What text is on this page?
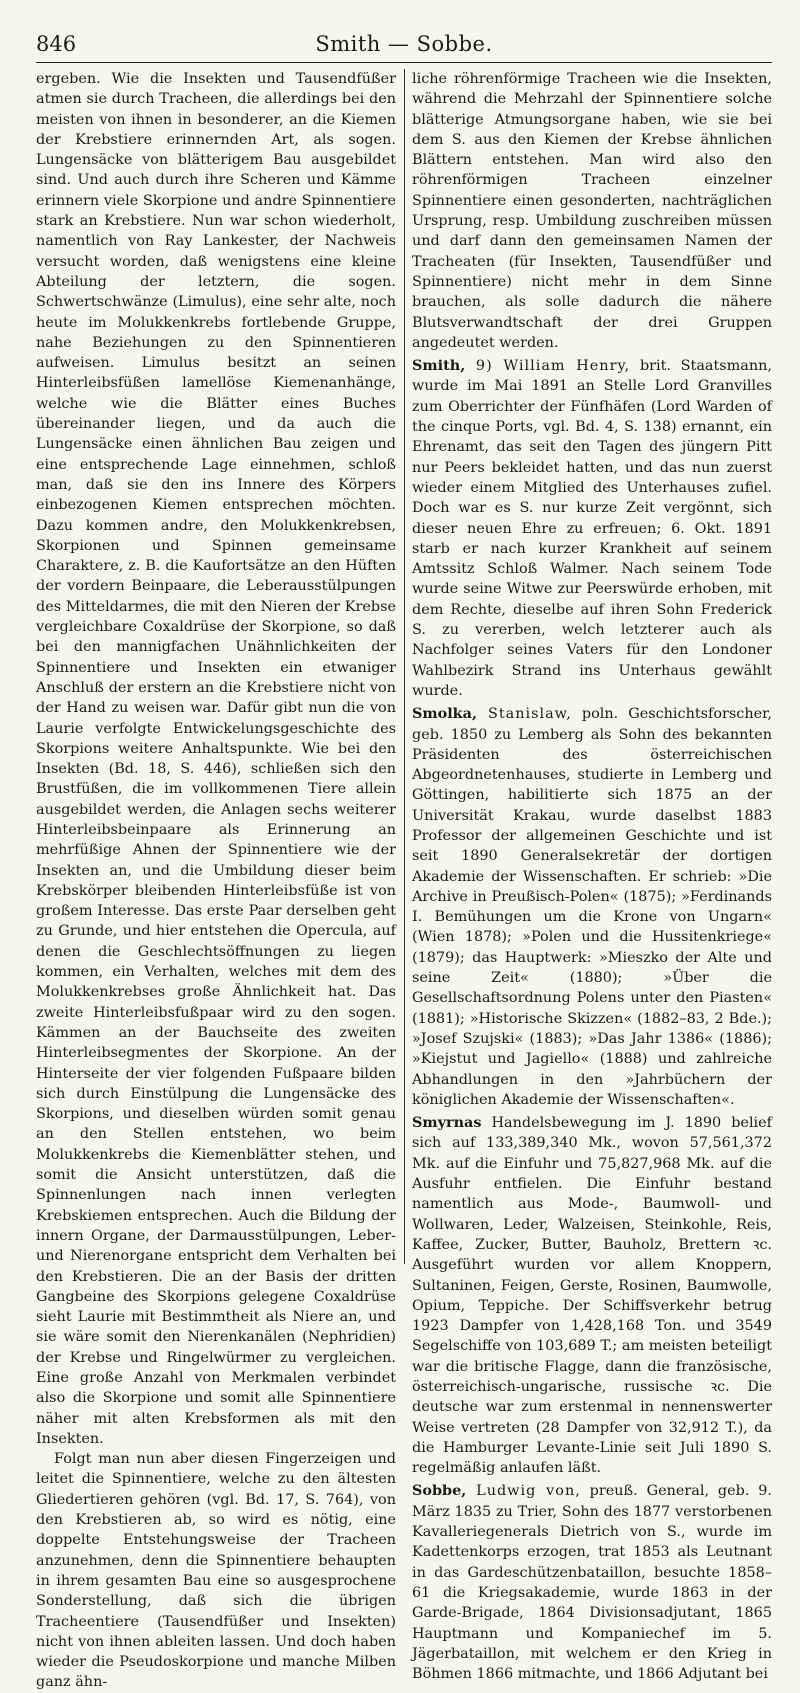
846	Smith — Sobbe.

ergeben. Wie die Insekten und Tausendfüßer atmen sie durch Tracheen, die allerdings bei den meisten von ihnen in besonderer, an die Kiemen der Krebstiere erinnernden Art, als sogen. Lungensäcke von blätterigem Bau ausgebildet sind. Und auch durch ihre Scheren und Kämme erinnern viele Skorpione und andre Spinnentiere stark an Krebstiere. Nun war schon wiederholt, namentlich von Ray Lankester, der Nachweis versucht worden, daß wenigstens eine kleine Abteilung der letztern, die sogen. Schwertschwänze (Limulus), eine sehr alte, noch heute im Molukkenkrebs fortlebende Gruppe, nahe Beziehungen zu den Spinnentieren aufweisen. Limulus besitzt an seinen Hinterleibsfüßen lamellöse Kiemenanhänge, welche wie die Blätter eines Buches übereinander liegen, und da auch die Lungensäcke einen ähnlichen Bau zeigen und eine entsprechende Lage einnehmen, schloß man, daß sie den ins Innere des Körpers einbezogenen Kiemen entsprechen möchten. Dazu kommen andre, den Molukkenkrebsen, Skorpionen und Spinnen gemeinsame Charaktere, z. B. die Kaufortsätze an den Hüften der vordern Beinpaare, die Leberausstülpungen des Mitteldarmes, die mit den Nieren der Krebse vergleichbare Coxaldrüse der Skorpione, so daß bei den mannigfachen Unähnlichkeiten der Spinnentiere und Insekten ein etwaniger Anschluß der erstern an die Krebstiere nicht von der Hand zu weisen war. Dafür gibt nun die von Laurie verfolgte Entwickelungsgeschichte des Skorpions weitere Anhaltspunkte. Wie bei den Insekten (Bd. 18, S. 446), schließen sich den Brustfüßen, die im vollkommenen Tiere allein ausgebildet werden, die Anlagen sechs weiterer Hinterleibsbeinpaare als Erinnerung an mehrfüßige Ahnen der Spinnentiere wie der Insekten an, und die Umbildung dieser beim Krebskörper bleibenden Hinterleibsfüße ist von großem Interesse. Das erste Paar derselben geht zu Grunde, und hier entstehen die Opercula, auf denen die Geschlechtsöffnungen zu liegen kommen, ein Verhalten, welches mit dem des Molukkenkrebses große Ähnlichkeit hat. Das zweite Hinterleibsfußpaar wird zu den sogen. Kämmen an der Bauchseite des zweiten Hinterleibsegmentes der Skorpione. An der Hinterseite der vier folgenden Fußpaare bilden sich durch Einstülpung die Lungensäcke des Skorpions, und dieselben würden somit genau an den Stellen entstehen, wo beim Molukkenkrebs die Kiemenblätter stehen, und somit die Ansicht unterstützen, daß die Spinnenlungen nach innen verlegten Krebskiemen entsprechen. Auch die Bildung der innern Organe, der Darmausstülpungen, Leber- und Nierenorgane entspricht dem Verhalten bei den Krebstieren. Die an der Basis der dritten Gangbeine des Skorpions gelegene Coxaldrüse sieht Laurie mit Bestimmtheit als Niere an, und sie wäre somit den Nierenkanälen (Nephridien) der Krebse und Ringelwürmer zu vergleichen. Eine große Anzahl von Merkmalen verbindet also die Skorpione und somit alle Spinnentiere näher mit alten Krebsformen als mit den Insekten.

Folgt man nun aber diesen Fingerzeigen und leitet die Spinnentiere, welche zu den ältesten Gliedertieren gehören (vgl. Bd. 17, S. 764), von den Krebstieren ab, so wird es nötig, eine doppelte Entstehungsweise der Tracheen anzunehmen, denn die Spinnentiere behaupten in ihrem gesamten Bau eine so ausgesprochene Sonderstellung, daß sich die übrigen Tracheentiere (Tausendfüßer und Insekten) nicht von ihnen ableiten lassen. Und doch haben wieder die Pseudoskorpione und manche Milben ganz ähn-

liche röhrenförmige Tracheen wie die Insekten, während die Mehrzahl der Spinnentiere solche blätterige Atmungsorgane haben, wie sie bei dem S. aus den Kiemen der Krebse ähnlichen Blättern entstehen. Man wird also den röhrenförmigen Tracheen einzelner Spinnentiere einen gesonderten, nachträglichen Ursprung, resp. Umbildung zuschreiben müssen und darf dann den gemeinsamen Namen der Tracheaten (für Insekten, Tausendfüßer und Spinnentiere) nicht mehr in dem Sinne brauchen, als solle dadurch die nähere Blutsverwandtschaft der drei Gruppen angedeutet werden.

Smith, 9) William Henry, brit. Staatsmann, wurde im Mai 1891 an Stelle Lord Granvilles zum Oberrichter der Fünfhäfen (Lord Warden of the cinque Ports, vgl. Bd. 4, S. 138) ernannt, ein Ehrenamt, das seit den Tagen des jüngern Pitt nur Peers bekleidet hatten, und das nun zuerst wieder einem Mitglied des Unterhauses zufiel. Doch war es S. nur kurze Zeit vergönnt, sich dieser neuen Ehre zu erfreuen; 6. Okt. 1891 starb er nach kurzer Krankheit auf seinem Amtssitz Schloß Walmer. Nach seinem Tode wurde seine Witwe zur Peerswürde erhoben, mit dem Rechte, dieselbe auf ihren Sohn Frederick S. zu vererben, welch letzterer auch als Nachfolger seines Vaters für den Londoner Wahlbezirk Strand ins Unterhaus gewählt wurde.

Smolka, Stanislaw, poln. Geschichtsforscher, geb. 1850 zu Lemberg als Sohn des bekannten Präsidenten des österreichischen Abgeordnetenhauses, studierte in Lemberg und Göttingen, habilitierte sich 1875 an der Universität Krakau, wurde daselbst 1883 Professor der allgemeinen Geschichte und ist seit 1890 Generalsekretär der dortigen Akademie der Wissenschaften. Er schrieb: »Die Archive in Preußisch-Polen« (1875); »Ferdinands I. Bemühungen um die Krone von Ungarn« (Wien 1878); »Polen und die Hussitenkriege« (1879); das Hauptwerk: »Mieszko der Alte und seine Zeit« (1880); »Über die Gesellschaftsordnung Polens unter den Piasten« (1881); »Historische Skizzen« (1882–83, 2 Bde.); »Josef Szujski« (1883); »Das Jahr 1386« (1886); »Kiejstut und Jagiello« (1888) und zahlreiche Abhandlungen in den »Jahrbüchern der königlichen Akademie der Wissenschaften«.

Smyrnas Handelsbewegung im J. 1890 belief sich auf 133,389,340 Mk., wovon 57,561,372 Mk. auf die Einfuhr und 75,827,968 Mk. auf die Ausfuhr entfielen. Die Einfuhr bestand namentlich aus Mode-, Baumwoll- und Wollwaren, Leder, Walzeisen, Steinkohle, Reis, Kaffee, Zucker, Butter, Bauholz, Brettern ꝛc. Ausgeführt wurden vor allem Knoppern, Sultaninen, Feigen, Gerste, Rosinen, Baumwolle, Opium, Teppiche. Der Schiffsverkehr betrug 1923 Dampfer von 1,428,168 Ton. und 3549 Segelschiffe von 103,689 T.; am meisten beteiligt war die britische Flagge, dann die französische, österreichisch-ungarische, russische ꝛc. Die deutsche war zum erstenmal in nennenswerter Weise vertreten (28 Dampfer von 32,912 T.), da die Hamburger Levante-Linie seit Juli 1890 S. regelmäßig anlaufen läßt.

Sobbe, Ludwig von, preuß. General, geb. 9. März 1835 zu Trier, Sohn des 1877 verstorbenen Kavalleriegenerals Dietrich von S., wurde im Kadettenkorps erzogen, trat 1853 als Leutnant in das Gardeschützenbataillon, besuchte 1858–61 die Kriegsakademie, wurde 1863 in der Garde-Brigade, 1864 Divisionsadjutant, 1865 Hauptmann und Kompaniechef im 5. Jägerbataillon, mit welchem er den Krieg in Böhmen 1866 mitmachte, und 1866 Adjutant bei
